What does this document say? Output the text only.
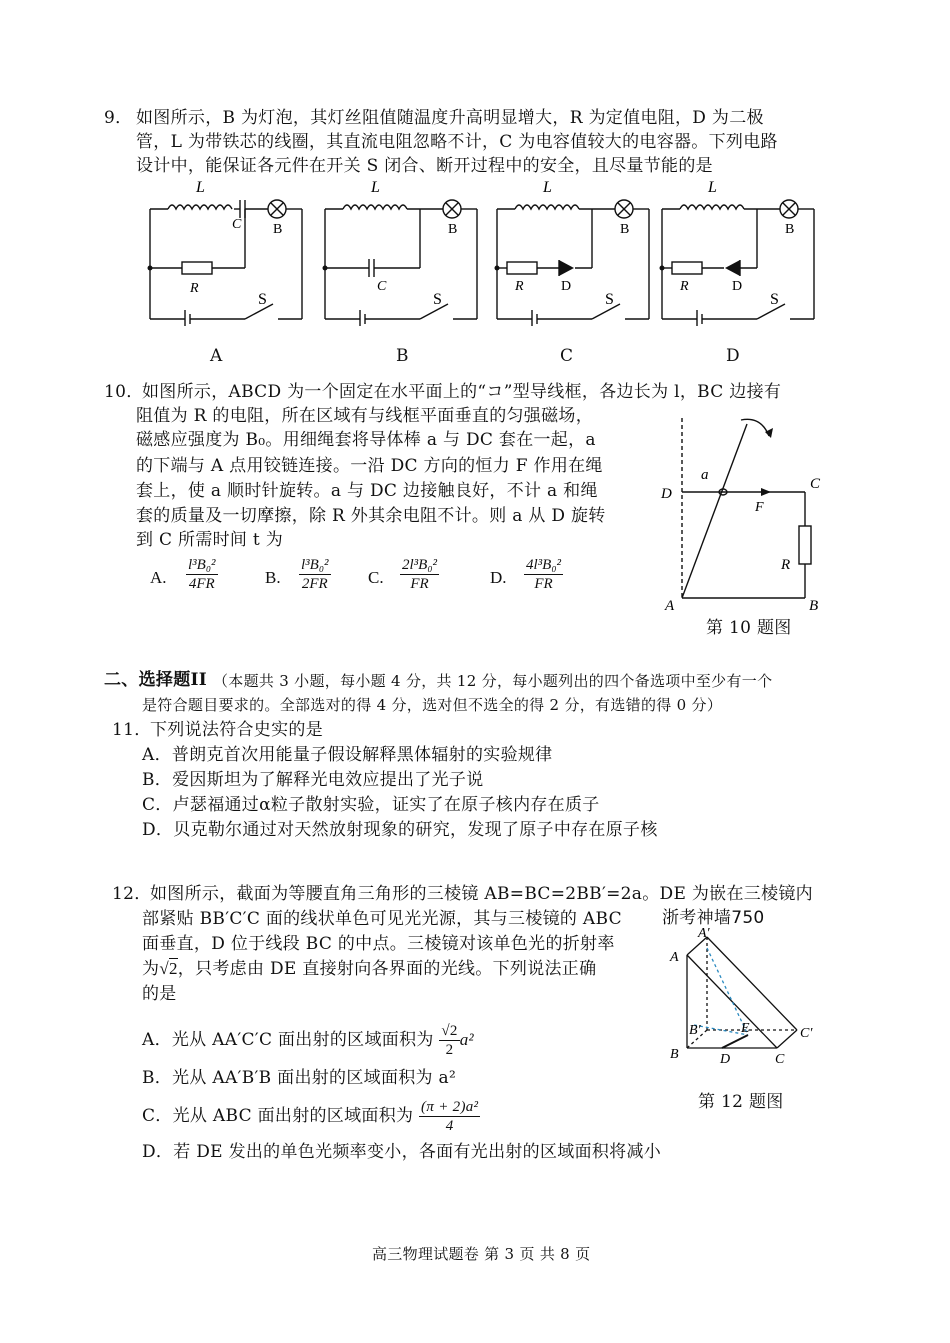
9． 如图所示，B 为灯泡，其灯丝阻值随温度升高明显增大，R 为定值电阻，D 为二极
管，L 为带铁芯的线圈，其直流电阻忽略不计，C 为电容值较大的电容器。下列电路
设计中，能保证各元件在开关 S 闭合、断开过程中的安全，且尽量节能的是
L
C B
R
S
A
L
B
C
S
B
L
B
R	D
S
C
L
B
R	D
S
D
10．
如图所示，ABCD 为一个固定在水平面上的“コ”型导线框，各边长为 l，BC 边接有
阻值为 R 的电阻，所在区域有与线框平面垂直的匀强磁场，
磁感应强度为 B₀。用细绳套将导体棒 a 与 DC 套在一起，a
的下端与 A 点用铰链连接。一沿 DC 方向的恒力 F 作用在绳
套上，使 a 顺时针旋转。a 与 DC 边接触良好，不计 a 和绳
套的质量及一切摩擦，除 R 外其余电阻不计。则 a 从 D 旋转
到 C 所需时间 t 为
A. $\frac{\text{l³B₀²}}{4FR}$	B. $\frac{\text{l³B₀²}}{2FR} C$. $\frac{\text{2l³B₀²}}{FR}$	D. $\frac{\text{4l³B₀²}}{FR}$
D
a
C
F
R
A	B
第 10 题图
二、选择题II （本题共 3 小题，每小题 4 分，共 12 分，每小题列出的四个备选项中至少有一个
是符合题目要求的。全部选对的得 4 分，选对但不选全的得 2 分，有选错的得 0 分）
11．
下列说法符合史实的是
A．普朗克首次用能量子假设解释黑体辐射的实验规律
B．爱因斯坦为了解释光电效应提出了光子说
C．卢瑟福通过α粒子散射实验，证实了在原子核内存在质子
D．贝克勒尔通过对天然放射现象的研究，发现了原子中存在原子核
12．
如图所示，截面为等腰直角三角形的三棱镜 AB=BC=2BB′=2a。DE 为嵌在三棱镜内
部紧贴 BB′C′C 面的线状单色可见光光源，其与三棱镜的 ABC 浙考神墙750
面垂直，D 位于线段 BC 的中点。三棱镜对该单色光的折射率
为√2，只考虑由 DE 直接射向各界面的光线。下列说法正确
的是
A．光从 AA′C′C 面出射的区域面积为 $\frac{√2}{2} a^2$
B．光从 AA′B′B 面出射的区域面积为 a²
C．光从 ABC 面出射的区域面积为 $\frac{\text{(π + 2)a²}}{4}$
D．若 DE 发出的单色光频率变小，各面有光出射的区域面积将减小
A′
A
B′	E	C′
B	D	C
第 12 题图
高三物理试题卷 第 3 页 共 8 页
